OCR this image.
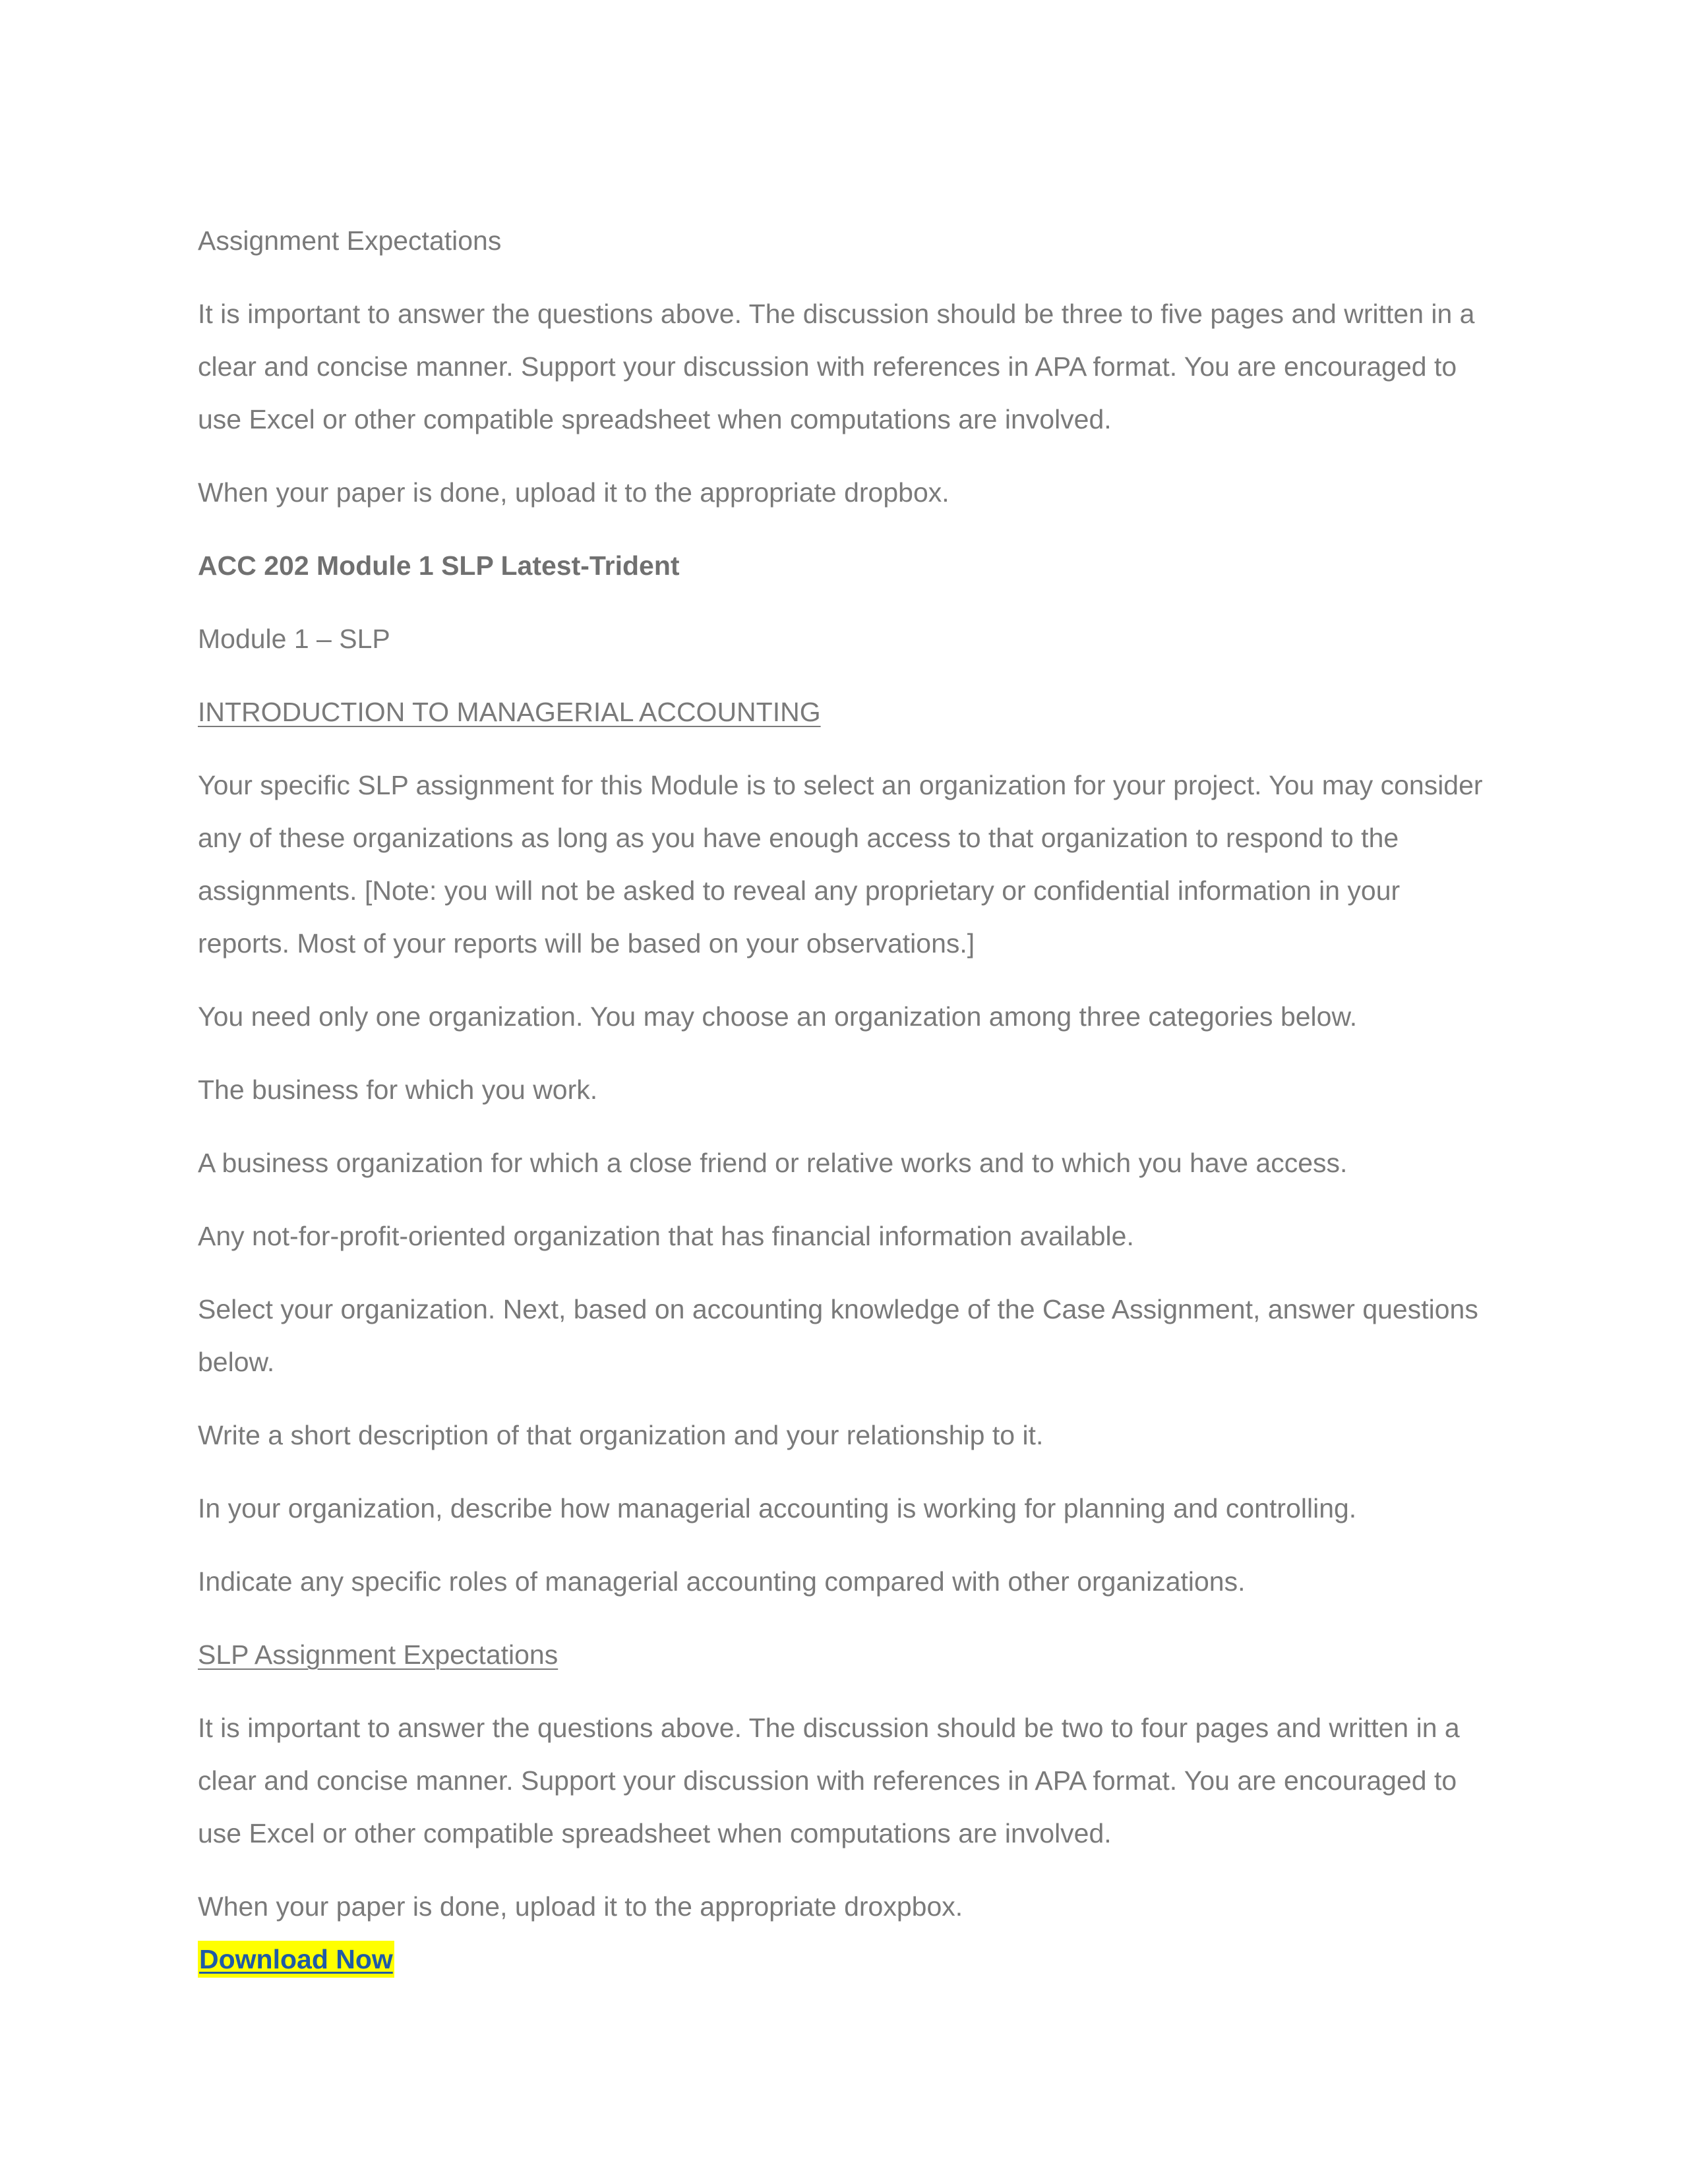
Assignment Expectations

It is important to answer the questions above. The discussion should be three to five pages and written in a clear and concise manner. Support your discussion with references in APA format. You are encouraged to use Excel or other compatible spreadsheet when computations are involved.

When your paper is done, upload it to the appropriate dropbox.

ACC 202 Module 1 SLP Latest-Trident

Module 1 – SLP

INTRODUCTION TO MANAGERIAL ACCOUNTING

Your specific SLP assignment for this Module is to select an organization for your project. You may consider any of these organizations as long as you have enough access to that organization to respond to the assignments. [Note: you will not be asked to reveal any proprietary or confidential information in your reports. Most of your reports will be based on your observations.]

You need only one organization. You may choose an organization among three categories below.

The business for which you work.

A business organization for which a close friend or relative works and to which you have access.

Any not-for-profit-oriented organization that has financial information available.

Select your organization. Next, based on accounting knowledge of the Case Assignment, answer questions below.

Write a short description of that organization and your relationship to it.

In your organization, describe how managerial accounting is working for planning and controlling.

Indicate any specific roles of managerial accounting compared with other organizations.

SLP Assignment Expectations

It is important to answer the questions above. The discussion should be two to four pages and written in a clear and concise manner. Support your discussion with references in APA format. You are encouraged to use Excel or other compatible spreadsheet when computations are involved.

When your paper is done, upload it to the appropriate droxpbox.

Download Now
